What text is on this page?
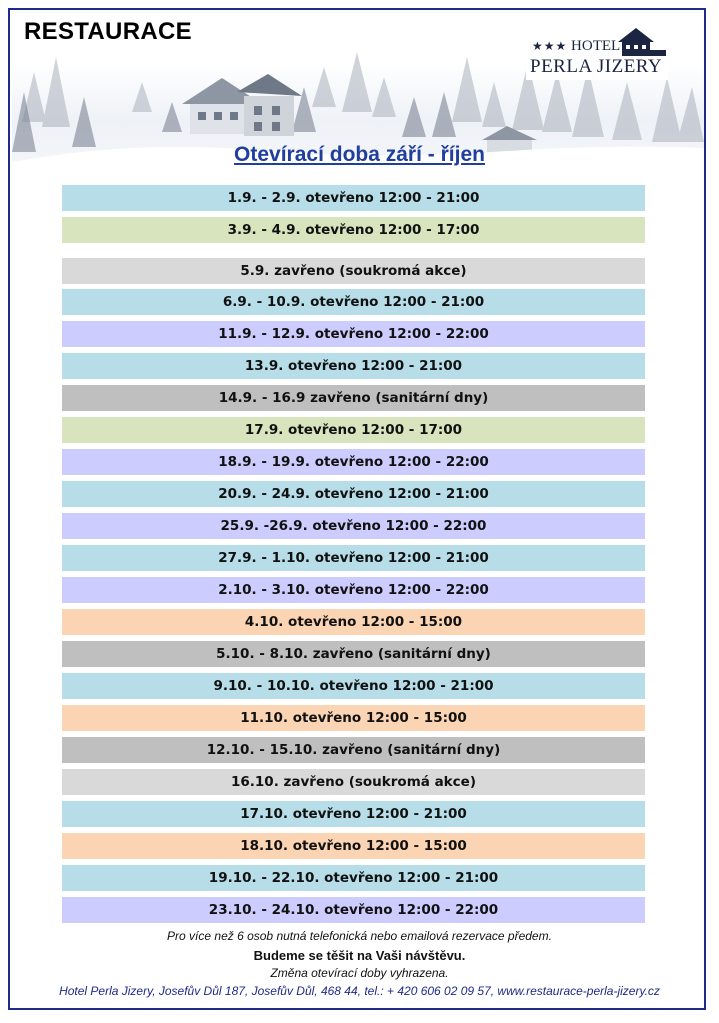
RESTAURACE
★★★ HOTEL
PERLA JIZERY
Otevírací doba září - říjen
1.9. - 2.9. otevřeno 12:00 - 21:00
3.9. - 4.9. otevřeno 12:00 - 17:00
5.9. zavřeno (soukromá akce)
6.9. - 10.9. otevřeno 12:00 - 21:00
11.9. - 12.9. otevřeno 12:00 - 22:00
13.9. otevřeno 12:00 - 21:00
14.9. - 16.9 zavřeno (sanitární dny)
17.9. otevřeno 12:00 - 17:00
18.9. - 19.9. otevřeno 12:00 - 22:00
20.9. - 24.9. otevřeno 12:00 - 21:00
25.9. -26.9. otevřeno 12:00 - 22:00
27.9. - 1.10. otevřeno 12:00 - 21:00
2.10. - 3.10. otevřeno 12:00 - 22:00
4.10. otevřeno 12:00 - 15:00
5.10. - 8.10. zavřeno (sanitární dny)
9.10. - 10.10. otevřeno 12:00 - 21:00
11.10. otevřeno 12:00 - 15:00
12.10. - 15.10. zavřeno (sanitární dny)
16.10. zavřeno (soukromá akce)
17.10. otevřeno 12:00 - 21:00
18.10. otevřeno 12:00 - 15:00
19.10. - 22.10. otevřeno 12:00 - 21:00
23.10. - 24.10. otevřeno 12:00 - 22:00
Pro více než 6 osob nutná telefonická nebo emailová rezervace předem.
Budeme se těšit na Vaši návštěvu.
Změna otevírací doby vyhrazena.
Hotel Perla Jizery, Josefův Důl 187, Josefův Důl, 468 44, tel.: + 420 606 02 09 57, www.restaurace-perla-jizery.cz
